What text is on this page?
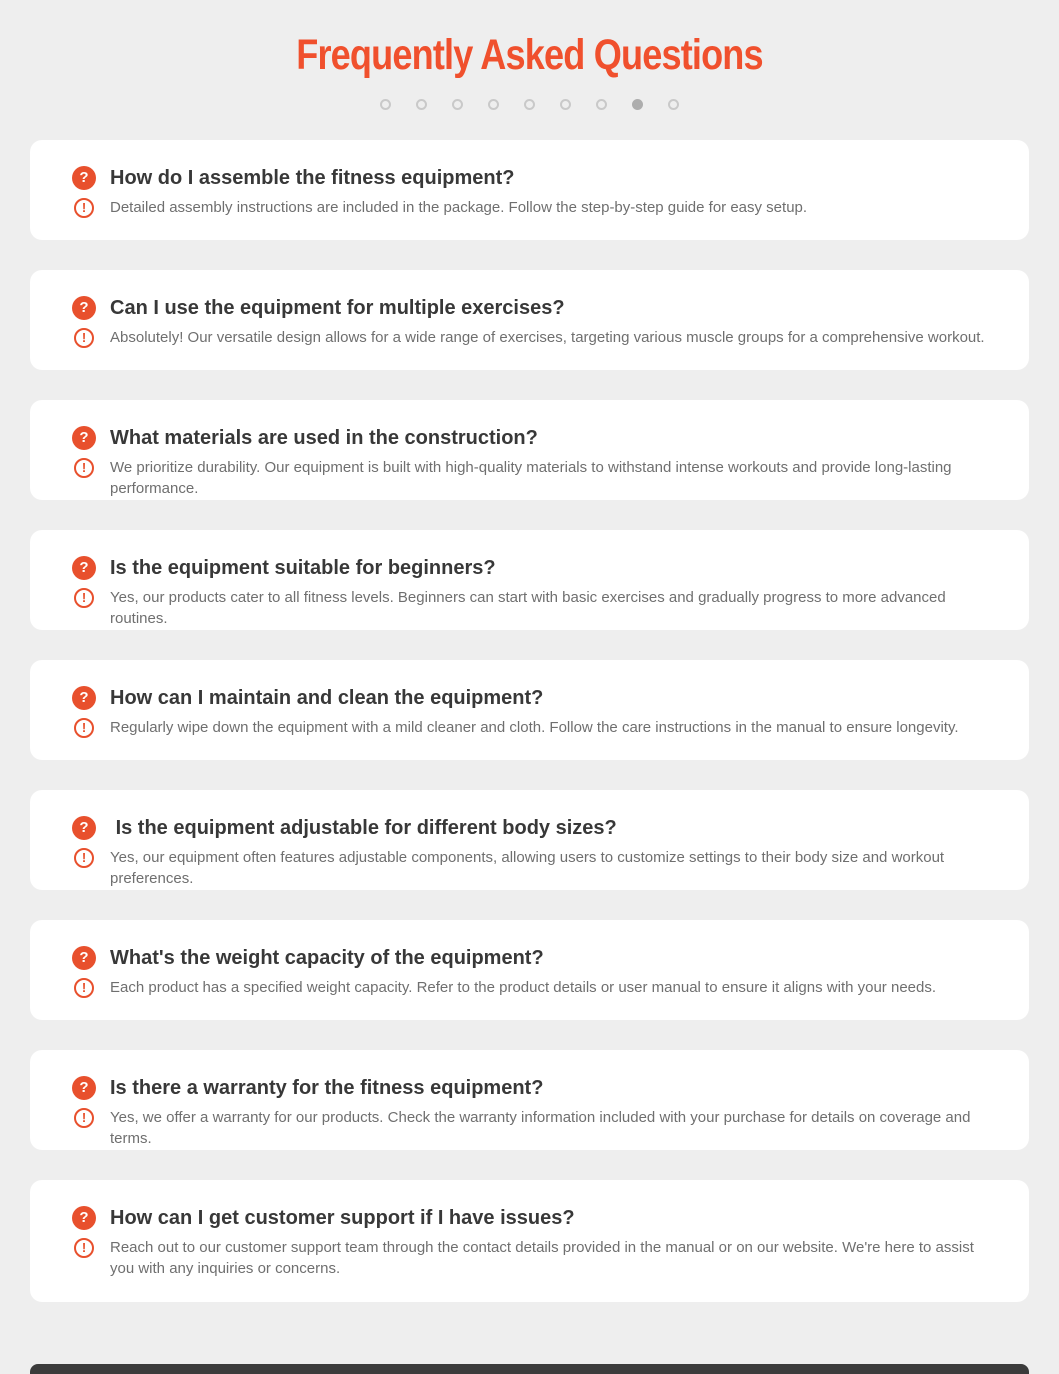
Frequently Asked Questions
?	How do I assemble the fitness equipment?
!	Detailed assembly instructions are included in the package. Follow the step-by-step guide for easy setup.

?	Can I use the equipment for multiple exercises?
!	Absolutely! Our versatile design allows for a wide range of exercises, targeting various muscle groups for a comprehensive workout.

?	What materials are used in the construction?
!	We prioritize durability. Our equipment is built with high-quality materials to withstand intense workouts and provide long-lasting performance.

?	Is the equipment suitable for beginners?
!	Yes, our products cater to all fitness levels. Beginners can start with basic exercises and gradually progress to more advanced routines.

?	How can I maintain and clean the equipment?
!	Regularly wipe down the equipment with a mild cleaner and cloth. Follow the care instructions in the manual to ensure longevity.

?	Is the equipment adjustable for different body sizes?
!	Yes, our equipment often features adjustable components, allowing users to customize settings to their body size and workout preferences.

?	What's the weight capacity of the equipment?
!	Each product has a specified weight capacity. Refer to the product details or user manual to ensure it aligns with your needs.

?	Is there a warranty for the fitness equipment?
!	Yes, we offer a warranty for our products. Check the warranty information included with your purchase for details on coverage and terms.

?	How can I get customer support if I have issues?
!	Reach out to our customer support team through the contact details provided in the manual or on our website. We're here to assist you with any inquiries or concerns.
